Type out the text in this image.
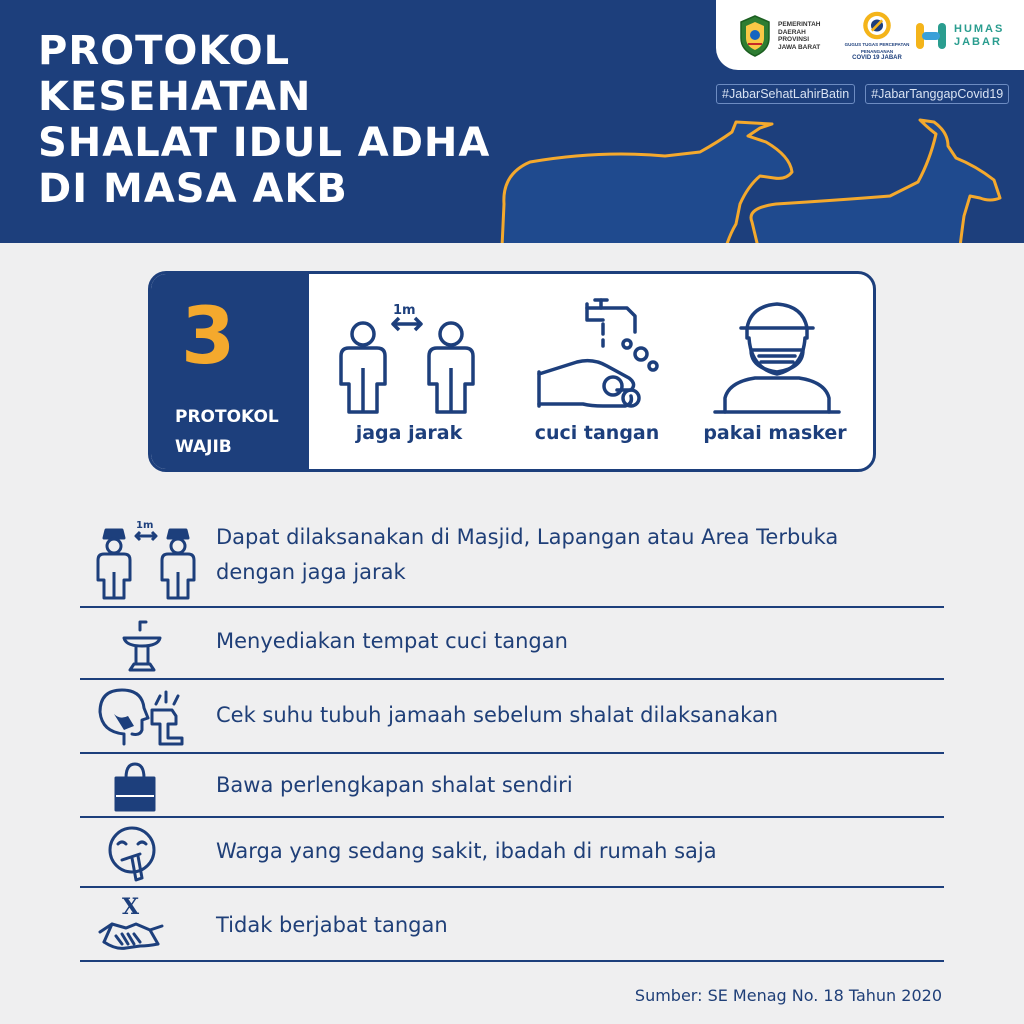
PROTOKOL
KESEHATAN
SHALAT IDUL ADHA
DI MASA AKB
PEMERINTAH
DAERAH
PROVINSI
JAWA BARAT	GUGUS TUGAS PERCEPATAN PENANGANAN
COVID 19 JABAR
HUMAS
JABAR
#JabarSehatLahirBatin	#JabarTanggapCovid19
3
PROTOKOL
WAJIB
1m
jaga jarak	cuci tangan	pakai masker
1m	Dapat dilaksanakan di Masjid, Lapangan atau Area Terbuka
dengan jaga jarak
Menyediakan tempat cuci tangan
Cek suhu tubuh jamaah sebelum shalat dilaksanakan
Bawa perlengkapan shalat sendiri
Warga yang sedang sakit, ibadah di rumah saja
X
Tidak berjabat tangan
Sumber: SE Menag No. 18 Tahun 2020
